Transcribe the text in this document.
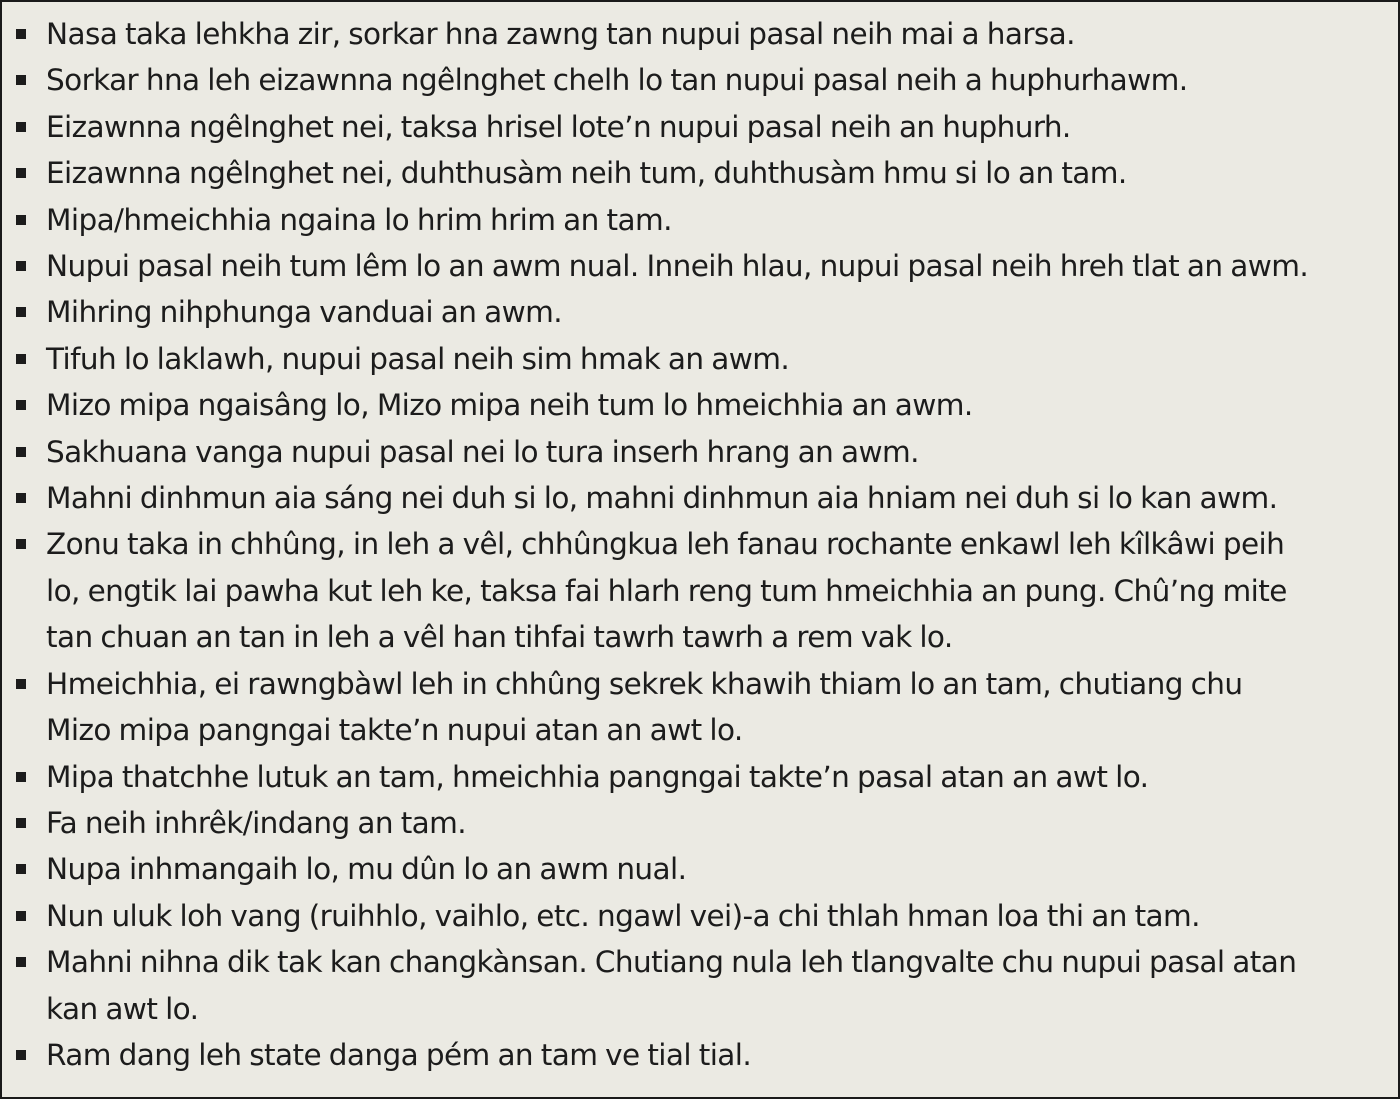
Nasa taka lehkha zir, sorkar hna zawng tan nupui pasal neih mai a harsa.
Sorkar hna leh eizawnna ngêlnghet chelh lo tan nupui pasal neih a huphurhawm.
Eizawnna ngêlnghet nei, taksa hrisel lote’n nupui pasal neih an huphurh.
Eizawnna ngêlnghet nei, duhthusàm neih tum, duhthusàm hmu si lo an tam.
Mipa/hmeichhia ngaina lo hrim hrim an tam.
Nupui pasal neih tum lêm lo an awm nual. Inneih hlau, nupui pasal neih hreh tlat an awm.
Mihring nihphunga vanduai an awm.
Tifuh lo laklawh, nupui pasal neih sim hmak an awm.
Mizo mipa ngaisâng lo, Mizo mipa neih tum lo hmeichhia an awm.
Sakhuana vanga nupui pasal nei lo tura inserh hrang an awm.
Mahni dinhmun aia sáng nei duh si lo, mahni dinhmun aia hniam nei duh si lo kan awm.
Zonu taka in chhûng, in leh a vêl, chhûngkua leh fanau rochante enkawl leh kîlkâwi peih
lo, engtik lai pawha kut leh ke, taksa fai hlarh reng tum hmeichhia an pung. Chû’ng mite
tan chuan an tan in leh a vêl han tihfai tawrh tawrh a rem vak lo.
Hmeichhia, ei rawngbàwl leh in chhûng sekrek khawih thiam lo an tam, chutiang chu
Mizo mipa pangngai takte’n nupui atan an awt lo.
Mipa thatchhe lutuk an tam, hmeichhia pangngai takte’n pasal atan an awt lo.
Fa neih inhrêk/indang an tam.
Nupa inhmangaih lo, mu dûn lo an awm nual.
Nun uluk loh vang (ruihhlo, vaihlo, etc. ngawl vei)-a chi thlah hman loa thi an tam.
Mahni nihna dik tak kan changkànsan. Chutiang nula leh tlangvalte chu nupui pasal atan
kan awt lo.
Ram dang leh state danga pém an tam ve tial tial.
